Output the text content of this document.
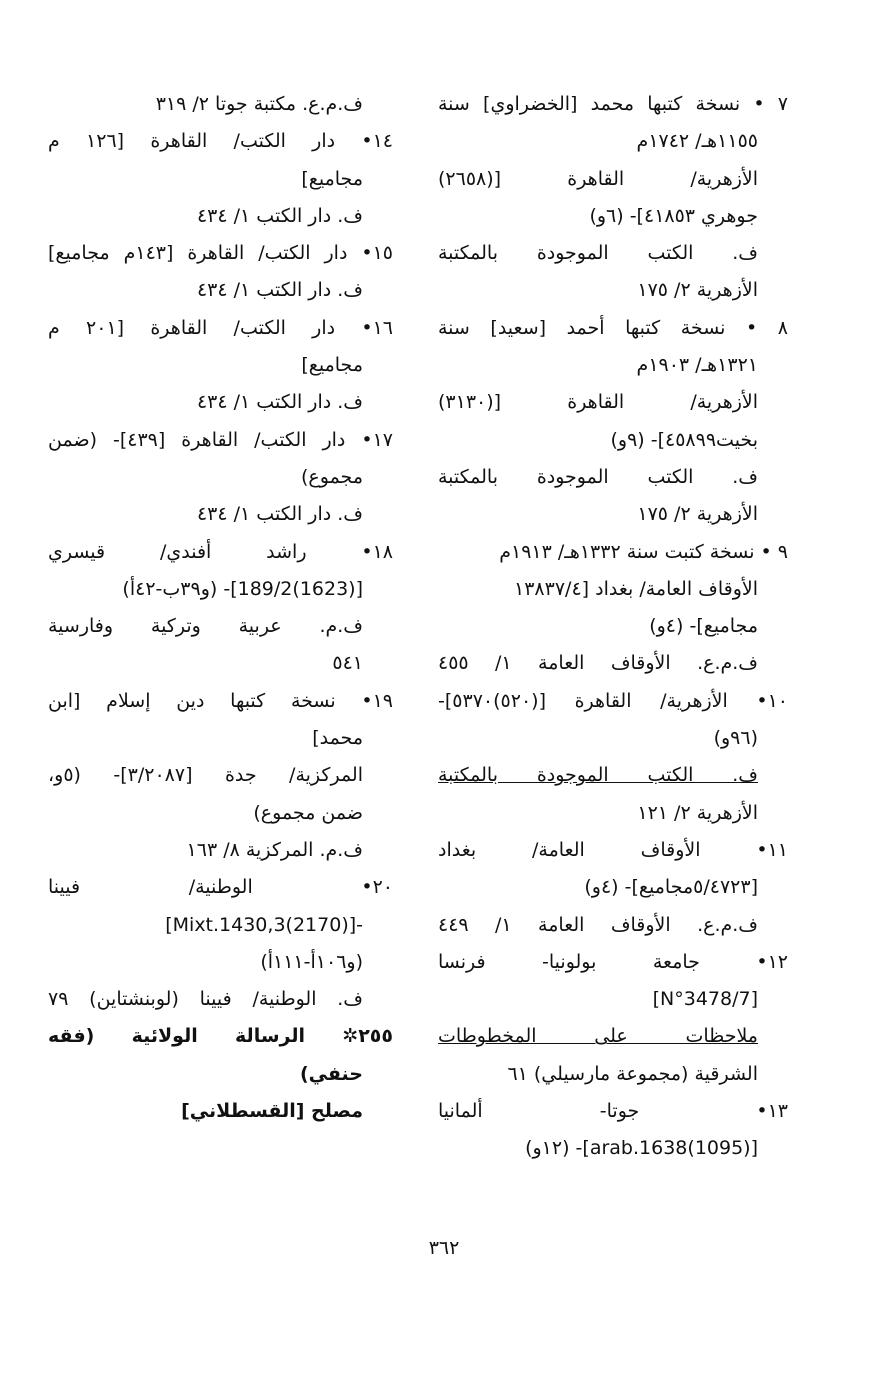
٧ • نسخة كتبها محمد [الخضراوي] سنة
١١٥٥هـ/ ١٧٤٢م
الأزهرية/ القاهرة [(٢٦٥٨)
جوهري ٤١٨٥٣]- (٦و)
ف. الكتب الموجودة بالمكتبة
الأزهرية ٢/ ١٧٥
٨ • نسخة كتبها أحمد [سعيد] سنة
١٣٢١هـ/ ١٩٠٣م
الأزهرية/ القاهرة [(٣١٣٠)
بخيت٤٥٨٩٩]- (٩و)
ف. الكتب الموجودة بالمكتبة
الأزهرية ٢/ ١٧٥
٩ • نسخة كتبت سنة ١٣٣٢هـ/ ١٩١٣م
الأوقاف العامة/ بغداد [١٣٨٣٧/٤
مجاميع]- (٤و)
ف.م.ع. الأوقاف العامة ١/ ٤٥٥
١٠• الأزهرية/ القاهرة [(٥٢٠)٥٣٧٠]-
(٩٦و)
ف. الكتب الموجودة بالمكتبة
الأزهرية ٢/ ١٢١
١١• الأوقاف العامة/ بغداد
[٥/٤٧٢٣مجاميع]- (٤و)
ف.م.ع. الأوقاف العامة ١/ ٤٤٩
١٢• جامعة بولونيا- فرنسا
[N°3478/7]
ملاحظات على المخطوطات
الشرقية (مجموعة مارسيلي) ٦١
١٣• جوتا- ألمانيا
[(1095)arab.1638]- (١٢و)
ف.م.ع. مكتبة جوتا ٢/ ٣١٩
١٤• دار الكتب/ القاهرة [١٢٦ م
مجاميع]
ف. دار الكتب ١/ ٤٣٤
١٥• دار الكتب/ القاهرة [١٤٣م مجاميع]
ف. دار الكتب ١/ ٤٣٤
١٦• دار الكتب/ القاهرة [٢٠١ م
مجاميع]
ف. دار الكتب ١/ ٤٣٤
١٧• دار الكتب/ القاهرة [٤٣٩]- (ضمن
مجموع)
ف. دار الكتب ١/ ٤٣٤
١٨• راشد أفندي/ قيسري
[(1623)189/2]- (و٣٩ب-٤٢أ)
ف.م. عربية وتركية وفارسية
٥٤١
١٩• نسخة كتبها دين إسلام [ابن
محمد]
المركزية/ جدة [٣/٢٠٨٧]- (٥و،
ضمن مجموع)
ف.م. المركزية ٨/ ١٦٣
٢٠• الوطنية/ فيينا
-[(2170)Mixt.1430,3]
(و١٠٦أ-١١١أ)
ف. الوطنية/ فيينا (لوبنشتاين) ٧٩
٢٥٥✲ الرسالة الولائية (فقه
حنفي)
مصلح [القسطلاني]
٣٦٢
